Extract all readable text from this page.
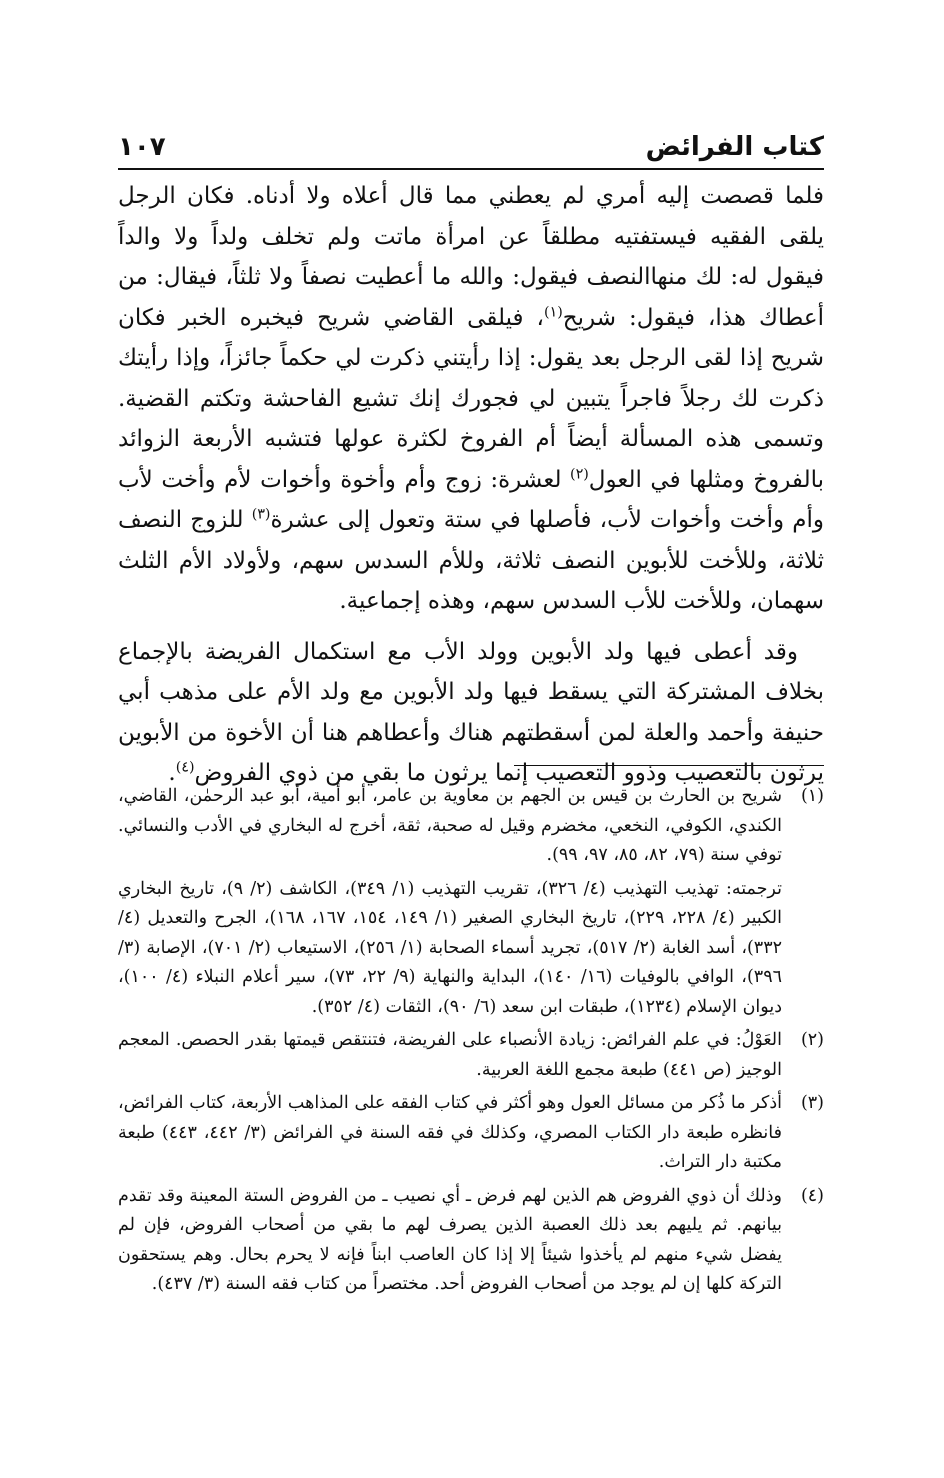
كتاب الفرائض
١٠٧

فلما قصصت إليه أمري لم يعطني مما قال أعلاه ولا أدناه. فكان الرجل يلقى الفقيه فيستفتيه مطلقاً عن امرأة ماتت ولم تخلف ولداً ولا والداً فيقول له: لك منهاالنصف فيقول: والله ما أعطيت نصفاً ولا ثلثاً، فيقال: من أعطاك هذا، فيقول: شريح$^{(١)}$، فيلقى القاضي شريح فيخبره الخبر فكان شريح إذا لقى الرجل بعد يقول: إذا رأيتني ذكرت لي حكماً جائزاً، وإذا رأيتك ذكرت لك رجلاً فاجراً يتبين لي فجورك إنك تشيع الفاحشة وتكتم القضية. وتسمى هذه المسألة أيضاً أم الفروخ لكثرة عولها فتشبه الأربعة الزوائد بالفروخ ومثلها في العول$^{(٢)}$ لعشرة: زوج وأم وأخوة وأخوات لأم وأخت لأب وأم وأخت وأخوات لأب، فأصلها في ستة وتعول إلى عشرة$^{(٣)}$ للزوج النصف ثلاثة، وللأخت للأبوين النصف ثلاثة، وللأم السدس سهم، ولأولاد الأم الثلث سهمان، وللأخت للأب السدس سهم، وهذه إجماعية.

وقد أعطى فيها ولد الأبوين وولد الأب مع استكمال الفريضة بالإجماع بخلاف المشتركة التي يسقط فيها ولد الأبوين مع ولد الأم على مذهب أبي حنيفة وأحمد والعلة لمن أسقطتهم هناك وأعطاهم هنا أن الأخوة من الأبوين يرثون بالتعصيب وذوو التعصيب إنما يرثون ما بقي من ذوي الفروض$^{(٤)}$.

(١)

شريح بن الحارث بن قيس بن الجهم بن معاوية بن عامر، أبو أمية، أبو عبد الرحمٰن، القاضي، الكندي، الكوفي، النخعي، مخضرم وقيل له صحبة، ثقة، أخرج له البخاري في الأدب والنسائي. توفي سنة (٧٩، ٨٢، ٨٥، ٩٧، ٩٩).

ترجمته: تهذيب التهذيب (٤/ ٣٢٦)، تقريب التهذيب (١/ ٣٤٩)، الكاشف (٢/ ٩)، تاريخ البخاري الكبير (٤/ ٢٢٨، ٢٢٩)، تاريخ البخاري الصغير (١/ ١٤٩، ١٥٤، ١٦٧، ١٦٨)، الجرح والتعديل (٤/ ٣٣٢)، أسد الغابة (٢/ ٥١٧)، تجريد أسماء الصحابة (١/ ٢٥٦)، الاستيعاب (٢/ ٧٠١)، الإصابة (٣/ ٣٩٦)، الوافي بالوفيات (١٦/ ١٤٠)، البداية والنهاية (٩/ ٢٢، ٧٣)، سير أعلام النبلاء (٤/ ١٠٠)، ديوان الإسلام (١٢٣٤)، طبقات ابن سعد (٦/ ٩٠)، الثقات (٤/ ٣٥٢).

(٢)

العَوْلُ: في علم الفرائض: زيادة الأنصباء على الفريضة، فتنتقص قيمتها بقدر الحصص. المعجم الوجيز (ص ٤٤١) طبعة مجمع اللغة العربية.

(٣)

أذكر ما ذُكر من مسائل العول وهو أكثر في كتاب الفقه على المذاهب الأربعة، كتاب الفرائض، فانظره طبعة دار الكتاب المصري، وكذلك في فقه السنة في الفرائض (٣/ ٤٤٢، ٤٤٣) طبعة مكتبة دار التراث.

(٤)

وذلك أن ذوي الفروض هم الذين لهم فرض ـ أي نصيب ـ من الفروض الستة المعينة وقد تقدم بيانهم. ثم يليهم بعد ذلك العصبة الذين يصرف لهم ما بقي من أصحاب الفروض، فإن لم يفضل شيء منهم لم يأخذوا شيئاً إلا إذا كان العاصب ابناً فإنه لا يحرم بحال. وهم يستحقون التركة كلها إن لم يوجد من أصحاب الفروض أحد. مختصراً من كتاب فقه السنة (٣/ ٤٣٧).
